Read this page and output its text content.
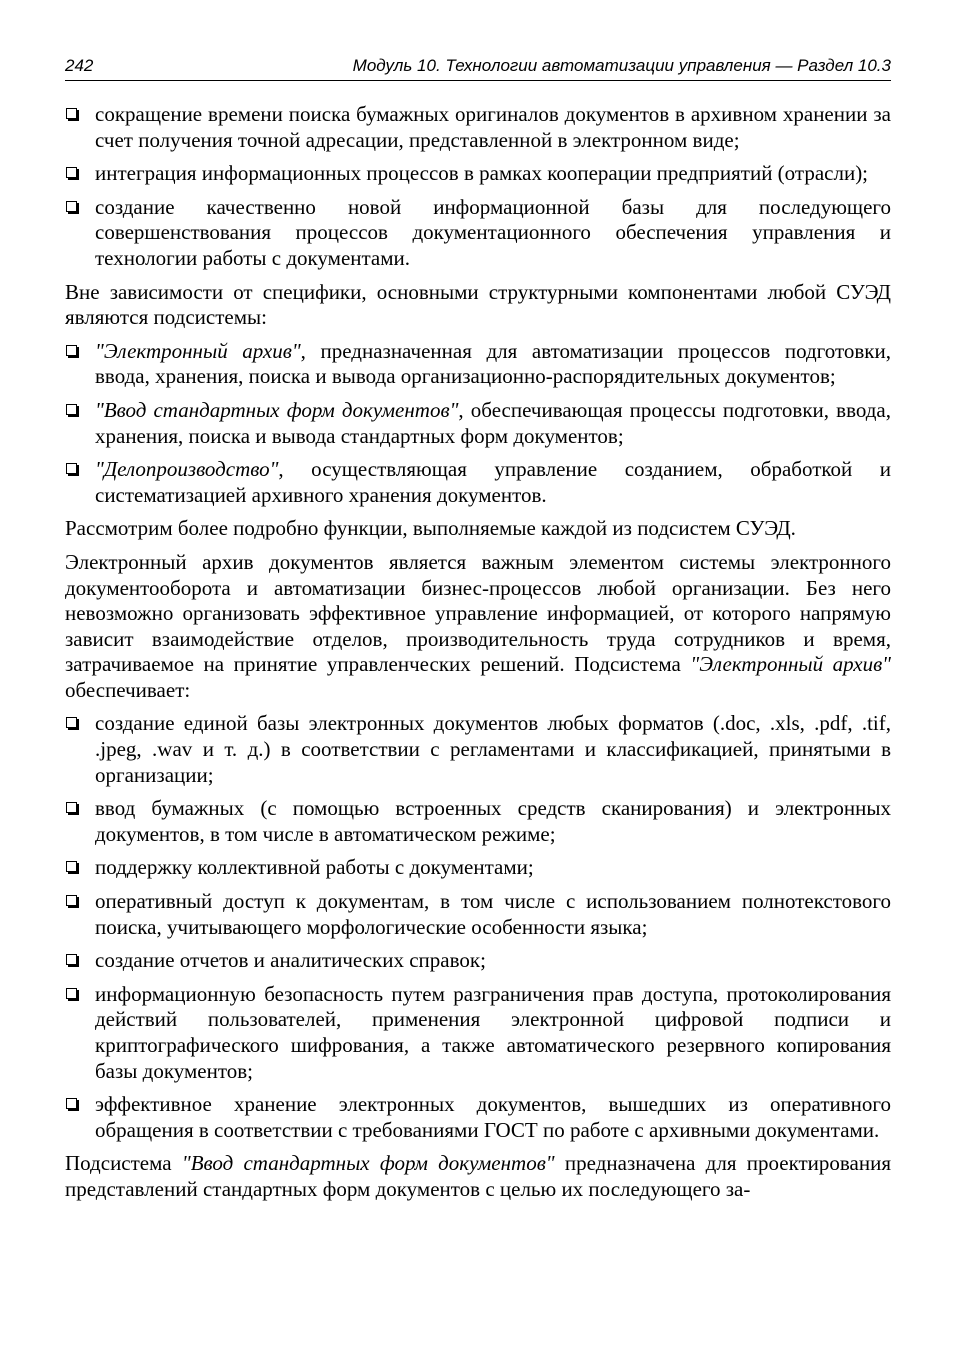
242	Модуль 10. Технологии автоматизации управления — Раздел 10.3
сокращение времени поиска бумажных оригиналов документов в архивном хранении за счет получения точной адресации, представленной в электронном виде;
интеграция информационных процессов в рамках кооперации предприятий (отрасли);
создание качественно новой информационной базы для последующего совершенствования процессов документационного обеспечения управления и технологии работы с документами.

Вне зависимости от специфики, основными структурными компонентами любой СУЭД являются подсистемы:

"Электронный архив", предназначенная для автоматизации процессов подготовки, ввода, хранения, поиска и вывода организационно-распорядительных документов;
"Ввод стандартных форм документов", обеспечивающая процессы подготовки, ввода, хранения, поиска и вывода стандартных форм документов;
"Делопроизводство", осуществляющая управление созданием, обработкой и систематизацией архивного хранения документов.

Рассмотрим более подробно функции, выполняемые каждой из подсистем СУЭД.

Электронный архив документов является важным элементом системы электронного документооборота и автоматизации бизнес-процессов любой организации. Без него невозможно организовать эффективное управление информацией, от которого напрямую зависит взаимодействие отделов, производительность труда сотрудников и время, затрачиваемое на принятие управленческих решений. Подсистема "Электронный архив" обеспечивает:

создание единой базы электронных документов любых форматов (.doc, .xls, .pdf, .tif, .jpeg, .wav и т. д.) в соответствии с регламентами и классификацией, принятыми в организации;
ввод бумажных (с помощью встроенных средств сканирования) и электронных документов, в том числе в автоматическом режиме;
поддержку коллективной работы с документами;
оперативный доступ к документам, в том числе с использованием полнотекстового поиска, учитывающего морфологические особенности языка;
создание отчетов и аналитических справок;
информационную безопасность путем разграничения прав доступа, протоколирования действий пользователей, применения электронной цифровой подписи и криптографического шифрования, а также автоматического резервного копирования базы документов;
эффективное хранение электронных документов, вышедших из оперативного обращения в соответствии с требованиями ГОСТ по работе с архивными документами.

Подсистема "Ввод стандартных форм документов" предназначена для проектирования представлений стандартных форм документов с целью их последующего за-
